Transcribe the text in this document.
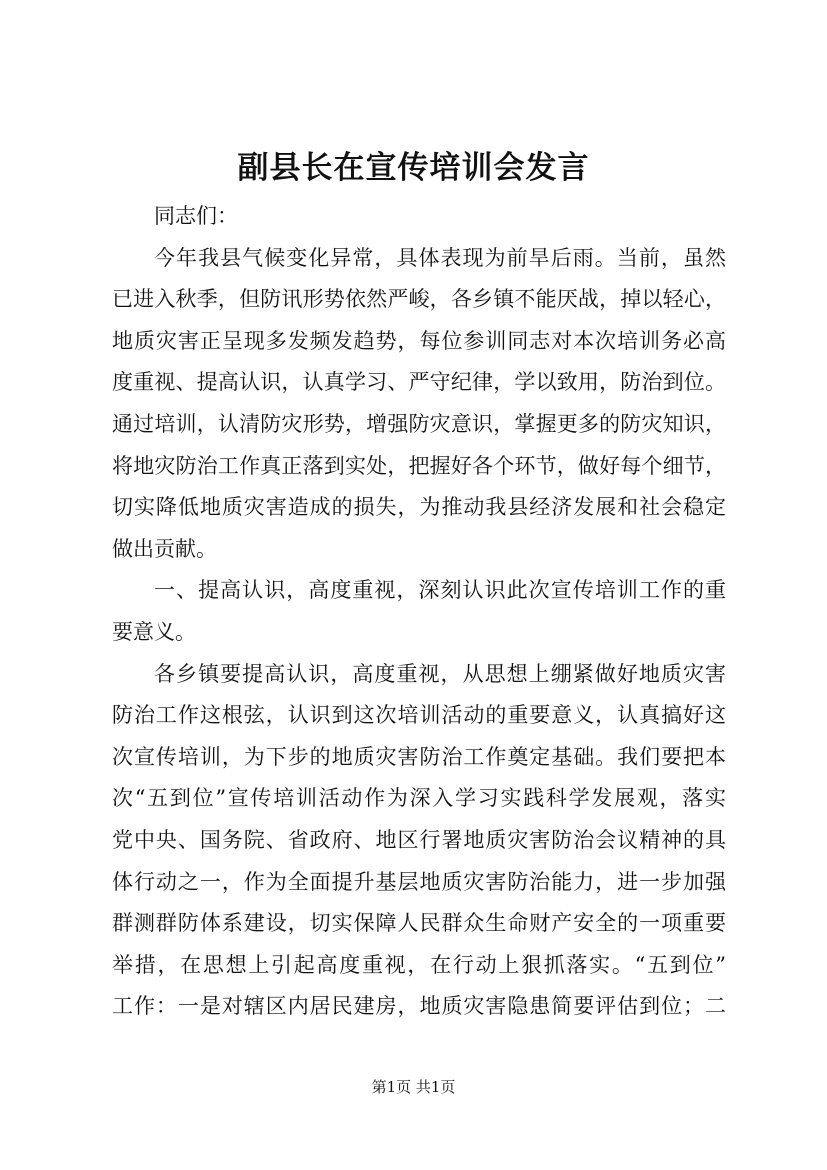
副县长在宣传培训会发言
同志们：
今年我县气候变化异常，具体表现为前旱后雨。当前，虽然
已进入秋季，但防讯形势依然严峻，各乡镇不能厌战，掉以轻心，
地质灾害正呈现多发频发趋势，每位参训同志对本次培训务必高
度重视、提高认识，认真学习、严守纪律，学以致用，防治到位。
通过培训，认清防灾形势，增强防灾意识，掌握更多的防灾知识，
将地灾防治工作真正落到实处，把握好各个环节，做好每个细节，
切实降低地质灾害造成的损失，为推动我县经济发展和社会稳定
做出贡献。
一、提高认识，高度重视，深刻认识此次宣传培训工作的重
要意义。
各乡镇要提高认识，高度重视，从思想上绷紧做好地质灾害
防治工作这根弦，认识到这次培训活动的重要意义，认真搞好这
次宣传培训，为下步的地质灾害防治工作奠定基础。我们要把本
次“五到位”宣传培训活动作为深入学习实践科学发展观，落实
党中央、国务院、省政府、地区行署地质灾害防治会议精神的具
体行动之一，作为全面提升基层地质灾害防治能力，进一步加强
群测群防体系建设，切实保障人民群众生命财产安全的一项重要
举措，在思想上引起高度重视，在行动上狠抓落实。“五到位”
工作：一是对辖区内居民建房，地质灾害隐患简要评估到位；二
第1页 共1页
